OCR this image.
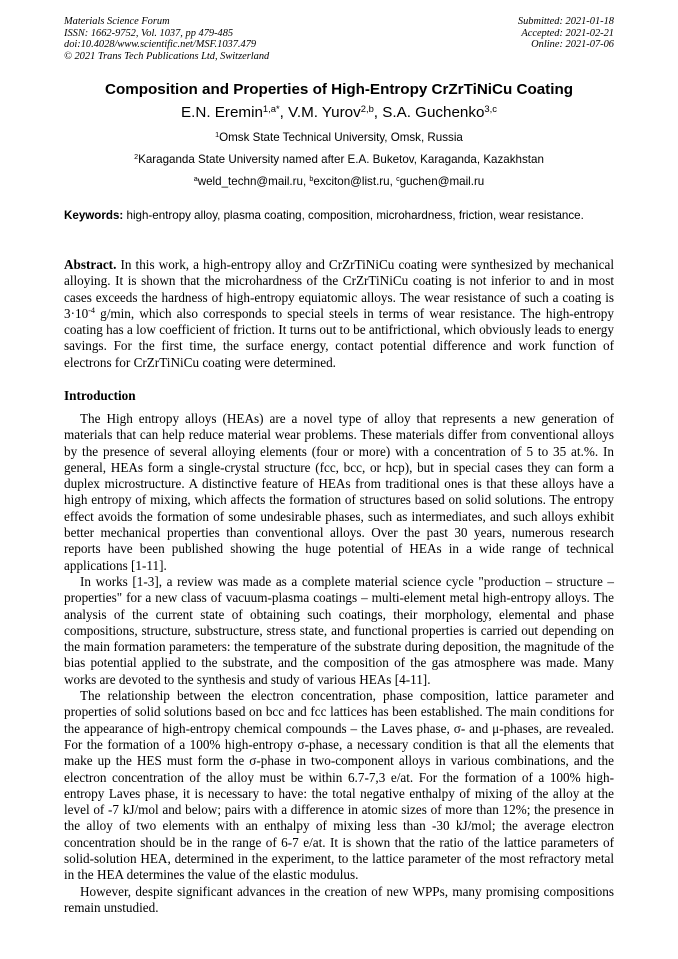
Materials Science Forum
ISSN: 1662-9752, Vol. 1037, pp 479-485
doi:10.4028/www.scientific.net/MSF.1037.479
© 2021 Trans Tech Publications Ltd, Switzerland
Submitted: 2021-01-18
Accepted: 2021-02-21
Online: 2021-07-06
Composition and Properties of High-Entropy CrZrTiNiCu Coating
E.N. Eremin$^{1,a*}$, V.M. Yurov$^{2,b}$, S.A. Guchenko$^{3,c}$
$^1$Omsk State Technical University, Omsk, Russia
$^2$Karaganda State University named after E.A. Buketov, Karaganda, Kazakhstan
$^a$weld_techn@mail.ru, $^b$exciton@list.ru, $^c$guchen@mail.ru
Keywords: high-entropy alloy, plasma coating, composition, microhardness, friction, wear resistance.
Abstract. In this work, a high-entropy alloy and CrZrTiNiCu coating were synthesized by mechanical alloying. It is shown that the microhardness of the CrZrTiNiCu coating is not inferior to and in most cases exceeds the hardness of high-entropy equiatomic alloys. The wear resistance of such a coating is $3\cdot 10^{-4}$ g/min, which also corresponds to special steels in terms of wear resistance. The high-entropy coating has a low coefficient of friction. It turns out to be antifrictional, which obviously leads to energy savings. For the first time, the surface energy, contact potential difference and work function of electrons for CrZrTiNiCu coating were determined.
Introduction

The High entropy alloys (HEAs) are a novel type of alloy that represents a new generation of materials that can help reduce material wear problems. These materials differ from conventional alloys by the presence of several alloying elements (four or more) with a concentration of 5 to 35 at.%. In general, HEAs form a single-crystal structure (fcc, bcc, or hcp), but in special cases they can form a duplex microstructure. A distinctive feature of HEAs from traditional ones is that these alloys have a high entropy of mixing, which affects the formation of structures based on solid solutions. The entropy effect avoids the formation of some undesirable phases, such as intermediates, and such alloys exhibit better mechanical properties than conventional alloys. Over the past 30 years, numerous research reports have been published showing the huge potential of HEAs in a wide range of technical applications [1-11].

In works [1-3], a review was made as a complete material science cycle "production – structure – properties" for a new class of vacuum-plasma coatings – multi-element metal high-entropy alloys. The analysis of the current state of obtaining such coatings, their morphology, elemental and phase compositions, structure, substructure, stress state, and functional properties is carried out depending on the main formation parameters: the temperature of the substrate during deposition, the magnitude of the bias potential applied to the substrate, and the composition of the gas atmosphere was made. Many works are devoted to the synthesis and study of various HEAs [4-11].

The relationship between the electron concentration, phase composition, lattice parameter and properties of solid solutions based on bcc and fcc lattices has been established. The main conditions for the appearance of high-entropy chemical compounds – the Laves phase, σ- and μ-phases, are revealed. For the formation of a 100% high-entropy σ-phase, a necessary condition is that all the elements that make up the HES must form the σ-phase in two-component alloys in various combinations, and the electron concentration of the alloy must be within 6.7-7,3 e/at. For the formation of a 100% high-entropy Laves phase, it is necessary to have: the total negative enthalpy of mixing of the alloy at the level of -7 kJ/mol and below; pairs with a difference in atomic sizes of more than 12%; the presence in the alloy of two elements with an enthalpy of mixing less than -30 kJ/mol; the average electron concentration should be in the range of 6-7 e/at. It is shown that the ratio of the lattice parameters of solid-solution HEA, determined in the experiment, to the lattice parameter of the most refractory metal in the HEA determines the value of the elastic modulus.

However, despite significant advances in the creation of new WPPs, many promising compositions remain unstudied.
